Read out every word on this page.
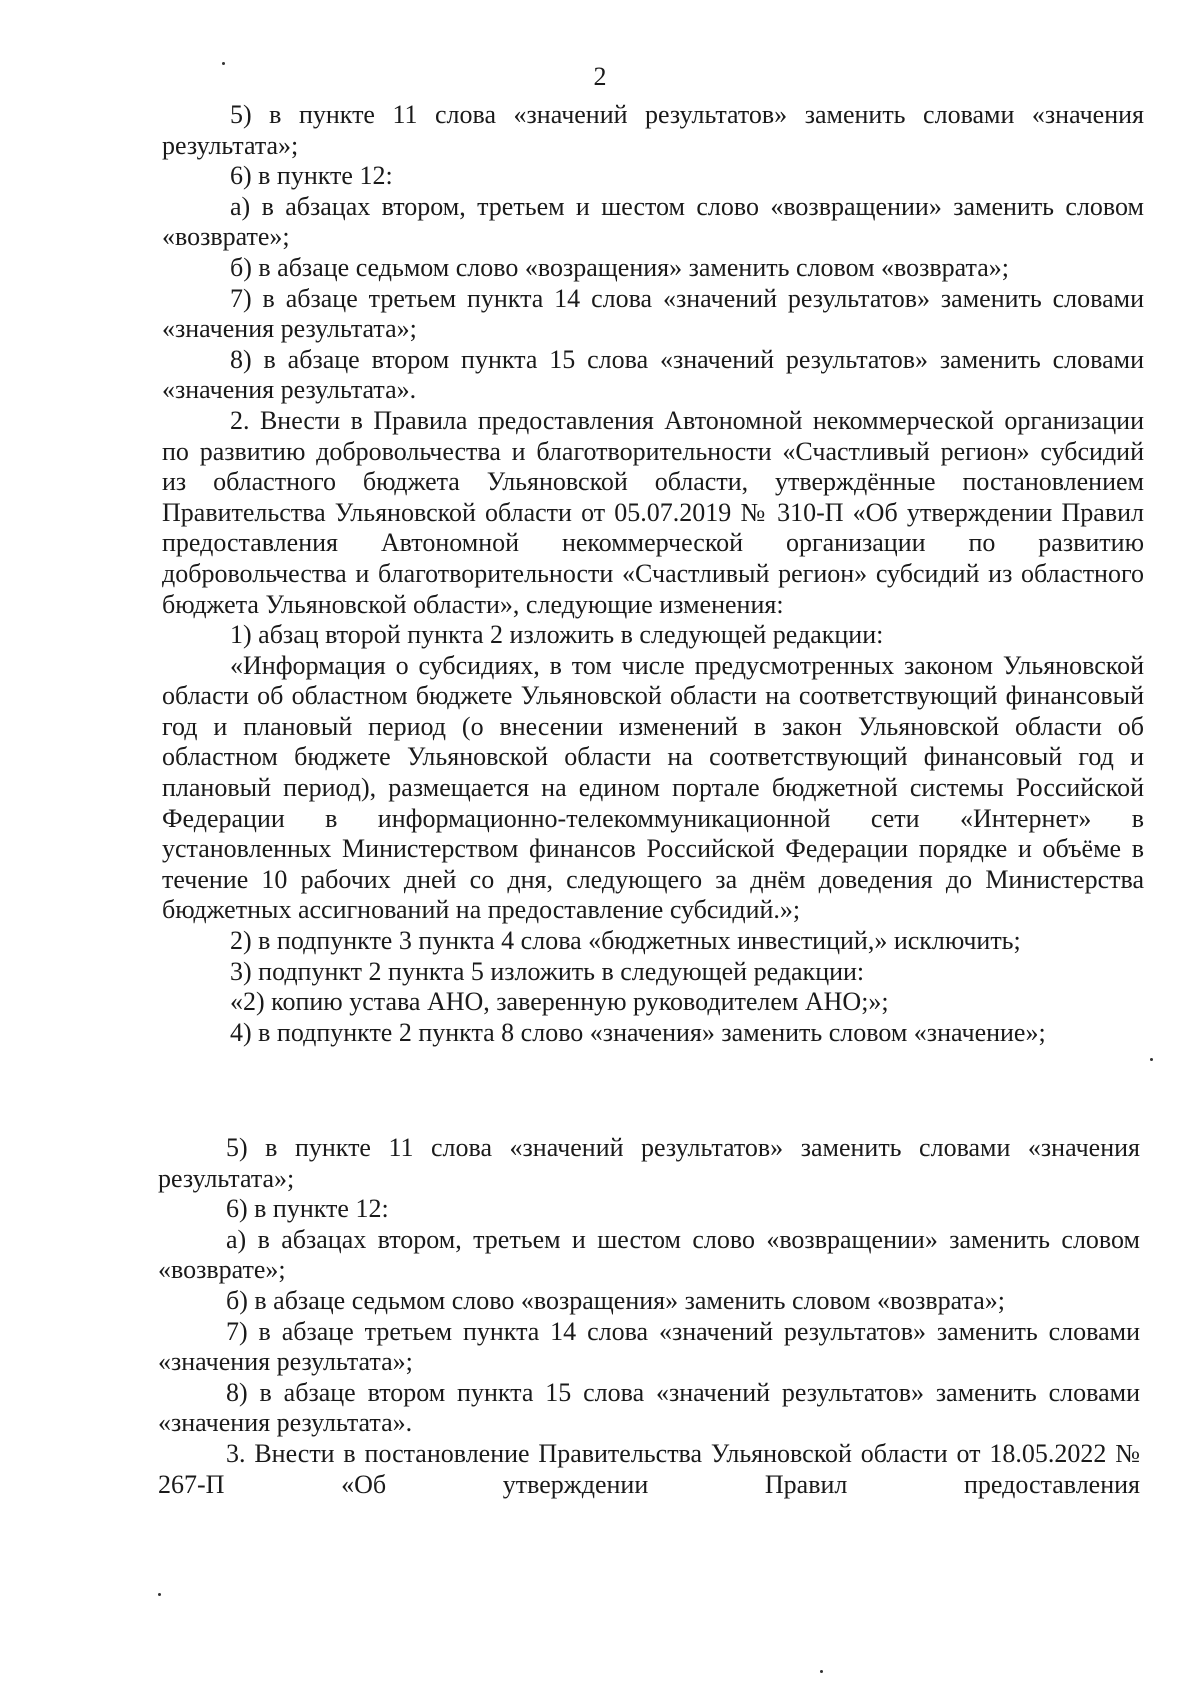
2

5) в пункте 11 слова «значений результатов» заменить словами «значения результата»;

6) в пункте 12:

а) в абзацах втором, третьем и шестом слово «возвращении» заменить словом «возврате»;

б) в абзаце седьмом слово «возращения» заменить словом «возврата»;

7) в абзаце третьем пункта 14 слова «значений результатов» заменить словами «значения результата»;

8) в абзаце втором пункта 15 слова «значений результатов» заменить словами «значения результата».

2. Внести в Правила предоставления Автономной некоммерческой организации по развитию добровольчества и благотворительности «Счастливый регион» субсидий из областного бюджета Ульяновской области, утверждённые постановлением Правительства Ульяновской области от 05.07.2019 № 310-П «Об утверждении Правил предоставления Автономной некоммерческой организации по развитию добровольчества и благотворительности «Счастливый регион» субсидий из областного бюджета Ульяновской области», следующие изменения:

1) абзац второй пункта 2 изложить в следующей редакции:

«Информация о субсидиях, в том числе предусмотренных законом Ульяновской области об областном бюджете Ульяновской области на соответствующий финансовый год и плановый период (о внесении изменений в закон Ульяновской области об областном бюджете Ульяновской области на соответствующий финансовый год и плановый период), размещается на едином портале бюджетной системы Российской Федерации в информационно-телекоммуникационной сети «Интернет» в установленных Министерством финансов Российской Федерации порядке и объёме в течение 10 рабочих дней со дня, следующего за днём доведения до Министерства бюджетных ассигнований на предоставление субсидий.»;

2) в подпункте 3 пункта 4 слова «бюджетных инвестиций,» исключить;

3) подпункт 2 пункта 5 изложить в следующей редакции:

«2) копию устава АНО, заверенную руководителем АНО;»;

4) в подпункте 2 пункта 8 слово «значения» заменить словом «значение»;

5) в пункте 11 слова «значений результатов» заменить словами «значения результата»;

6) в пункте 12:

а) в абзацах втором, третьем и шестом слово «возвращении» заменить словом «возврате»;

б) в абзаце седьмом слово «возращения» заменить словом «возврата»;

7) в абзаце третьем пункта 14 слова «значений результатов» заменить словами «значения результата»;

8) в абзаце втором пункта 15 слова «значений результатов» заменить словами «значения результата».

3. Внести в постановление Правительства Ульяновской области от 18.05.2022 № 267-П «Об утверждении Правил предоставления
